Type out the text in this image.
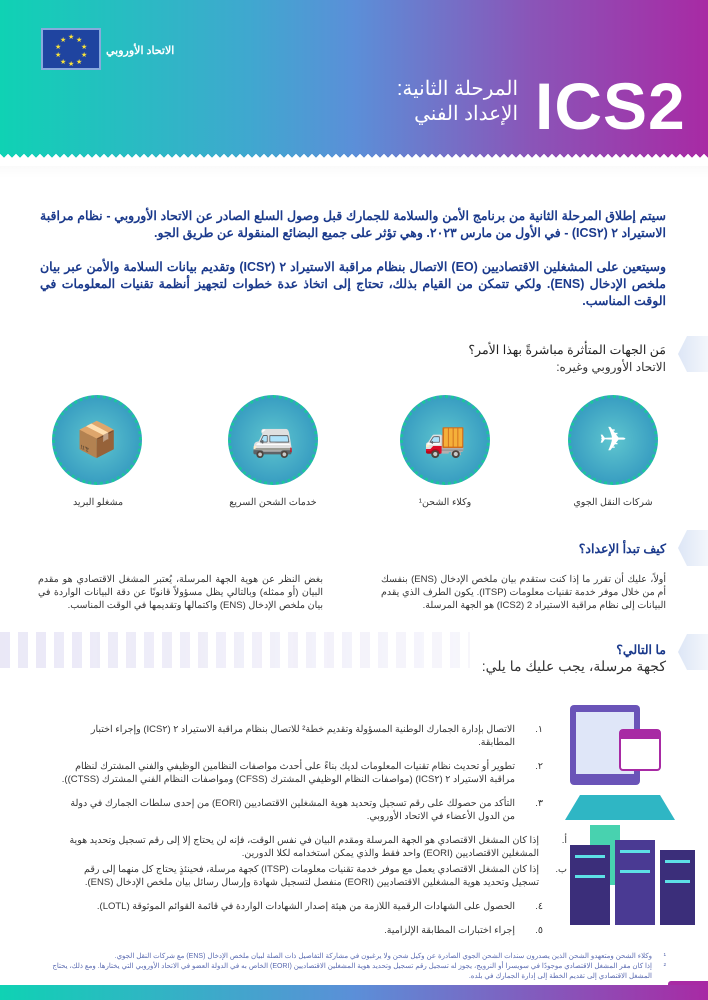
★ ★
★
★
★
★
★
★
★
★
الاتحاد الأوروبي
ICS2
المرحلة الثانية:
الإعداد الفني
سيتم إطلاق المرحلة الثانية من برنامج الأمن والسلامة للجمارك قبل وصول السلع الصادر عن الاتحاد الأوروبي - نظام مراقبة الاستيراد ٢ (ICS٢) - في الأول من مارس ٢٠٢٣. وهي تؤثر على جميع البضائع المنقولة عن طريق الجو.
وسيتعين على المشغلين الاقتصاديين (EO) الاتصال بنظام مراقبة الاستيراد ٢ (ICS٢) وتقديم بيانات السلامة والأمن عبر بيان ملخص الإدخال (ENS). ولكي تتمكن من القيام بذلك، تحتاج إلى اتخاذ عدة خطوات لتجهيز أنظمة تقنيات المعلومات في الوقت المناسب.
مَن الجهات المتأثرة مباشرةً بهذا الأمر؟
الاتحاد الأوروبي وغيره:
✈
🚚
🚐
📦
شركات النقل الجوي
وكلاء الشحن¹
خدمات الشحن السريع
مشغلو البريد
كيف تبدأ الإعداد؟
أولاً، عليك أن تقرر ما إذا كنت ستقدم بيان ملخص الإدخال (ENS) بنفسك أم من خلال موفر خدمة تقنيات معلومات (ITSP). يكون الطرف الذي يقدم البيانات إلى نظام مراقبة الاستيراد 2 (ICS2) هو الجهة المرسلة.
بغض النظر عن هوية الجهة المرسلة، يُعتبر المشغل الاقتصادي هو مقدم البيان (أو ممثله) وبالتالي يظل مسؤولاً قانونًا عن دقة البيانات الواردة في بيان ملخص الإدخال (ENS) واكتمالها وتقديمها في الوقت المناسب.
ما التالي؟
كجهة مرسلة، يجب عليك ما يلي:
١.
الاتصال بإدارة الجمارك الوطنية المسؤولة وتقديم خطة² للاتصال بنظام مراقبة الاستيراد ٢ (ICS٢) وإجراء اختبار المطابقة.
٢.
تطوير أو تحديث نظام تقنيات المعلومات لديك بناءً على أحدث مواصفات النظامين الوظيفي والفني المشترك لنظام مراقبة الاستيراد ٢ (ICS٢) (مواصفات النظام الوظيفي المشترك (CFSS) ومواصفات النظام الفني المشترك (CTSS)).
٣.
التأكد من حصولك على رقم تسجيل وتحديد هوية المشغلين الاقتصاديين (EORI) من إحدى سلطات الجمارك في دولة من الدول الأعضاء في الاتحاد الأوروبي.
أ.
إذا كان المشغل الاقتصادي هو الجهة المرسلة ومقدم البيان في نفس الوقت، فإنه لن يحتاج إلا إلى رقم تسجيل وتحديد هوية المشغلين الاقتصاديين (EORI) واحد فقط والذي يمكن استخدامه لكلا الدورين.
ب.
إذا كان المشغل الاقتصادي يعمل مع موفر خدمة تقنيات معلومات (ITSP) كجهة مرسلة، فحينئذٍ يحتاج كل منهما إلى رقم تسجيل وتحديد هوية المشغلين الاقتصاديين (EORI) منفصل لتسجيل شهادة وإرسال رسائل بيان ملخص الإدخال (ENS).
٤.
الحصول على الشهادات الرقمية اللازمة من هيئة إصدار الشهادات الواردة في قائمة القوائم الموثوقة (LOTL).
٥.
إجراء اختبارات المطابقة الإلزامية.
¹
وكلاء الشحن ومتعهدو الشحن الذين يصدرون سندات الشحن الجوي الصادرة عن وكيل شحن ولا يرغبون في مشاركة التفاصيل ذات الصلة لبيان ملخص الإدخال (ENS) مع شركات النقل الجوي.
²
إذا كان مقر المشغل الاقتصادي موجودًا في سويسرا أو النرويج، يجوز له تسجيل رقم تسجيل وتحديد هوية المشغلين الاقتصاديين (EORI) الخاص به في الدولة العضو في الاتحاد الأوروبي التي يختارها. ومع ذلك، يحتاج المشغل الاقتصادي إلى تقديم الخطة إلى إدارة الجمارك في بلده.
